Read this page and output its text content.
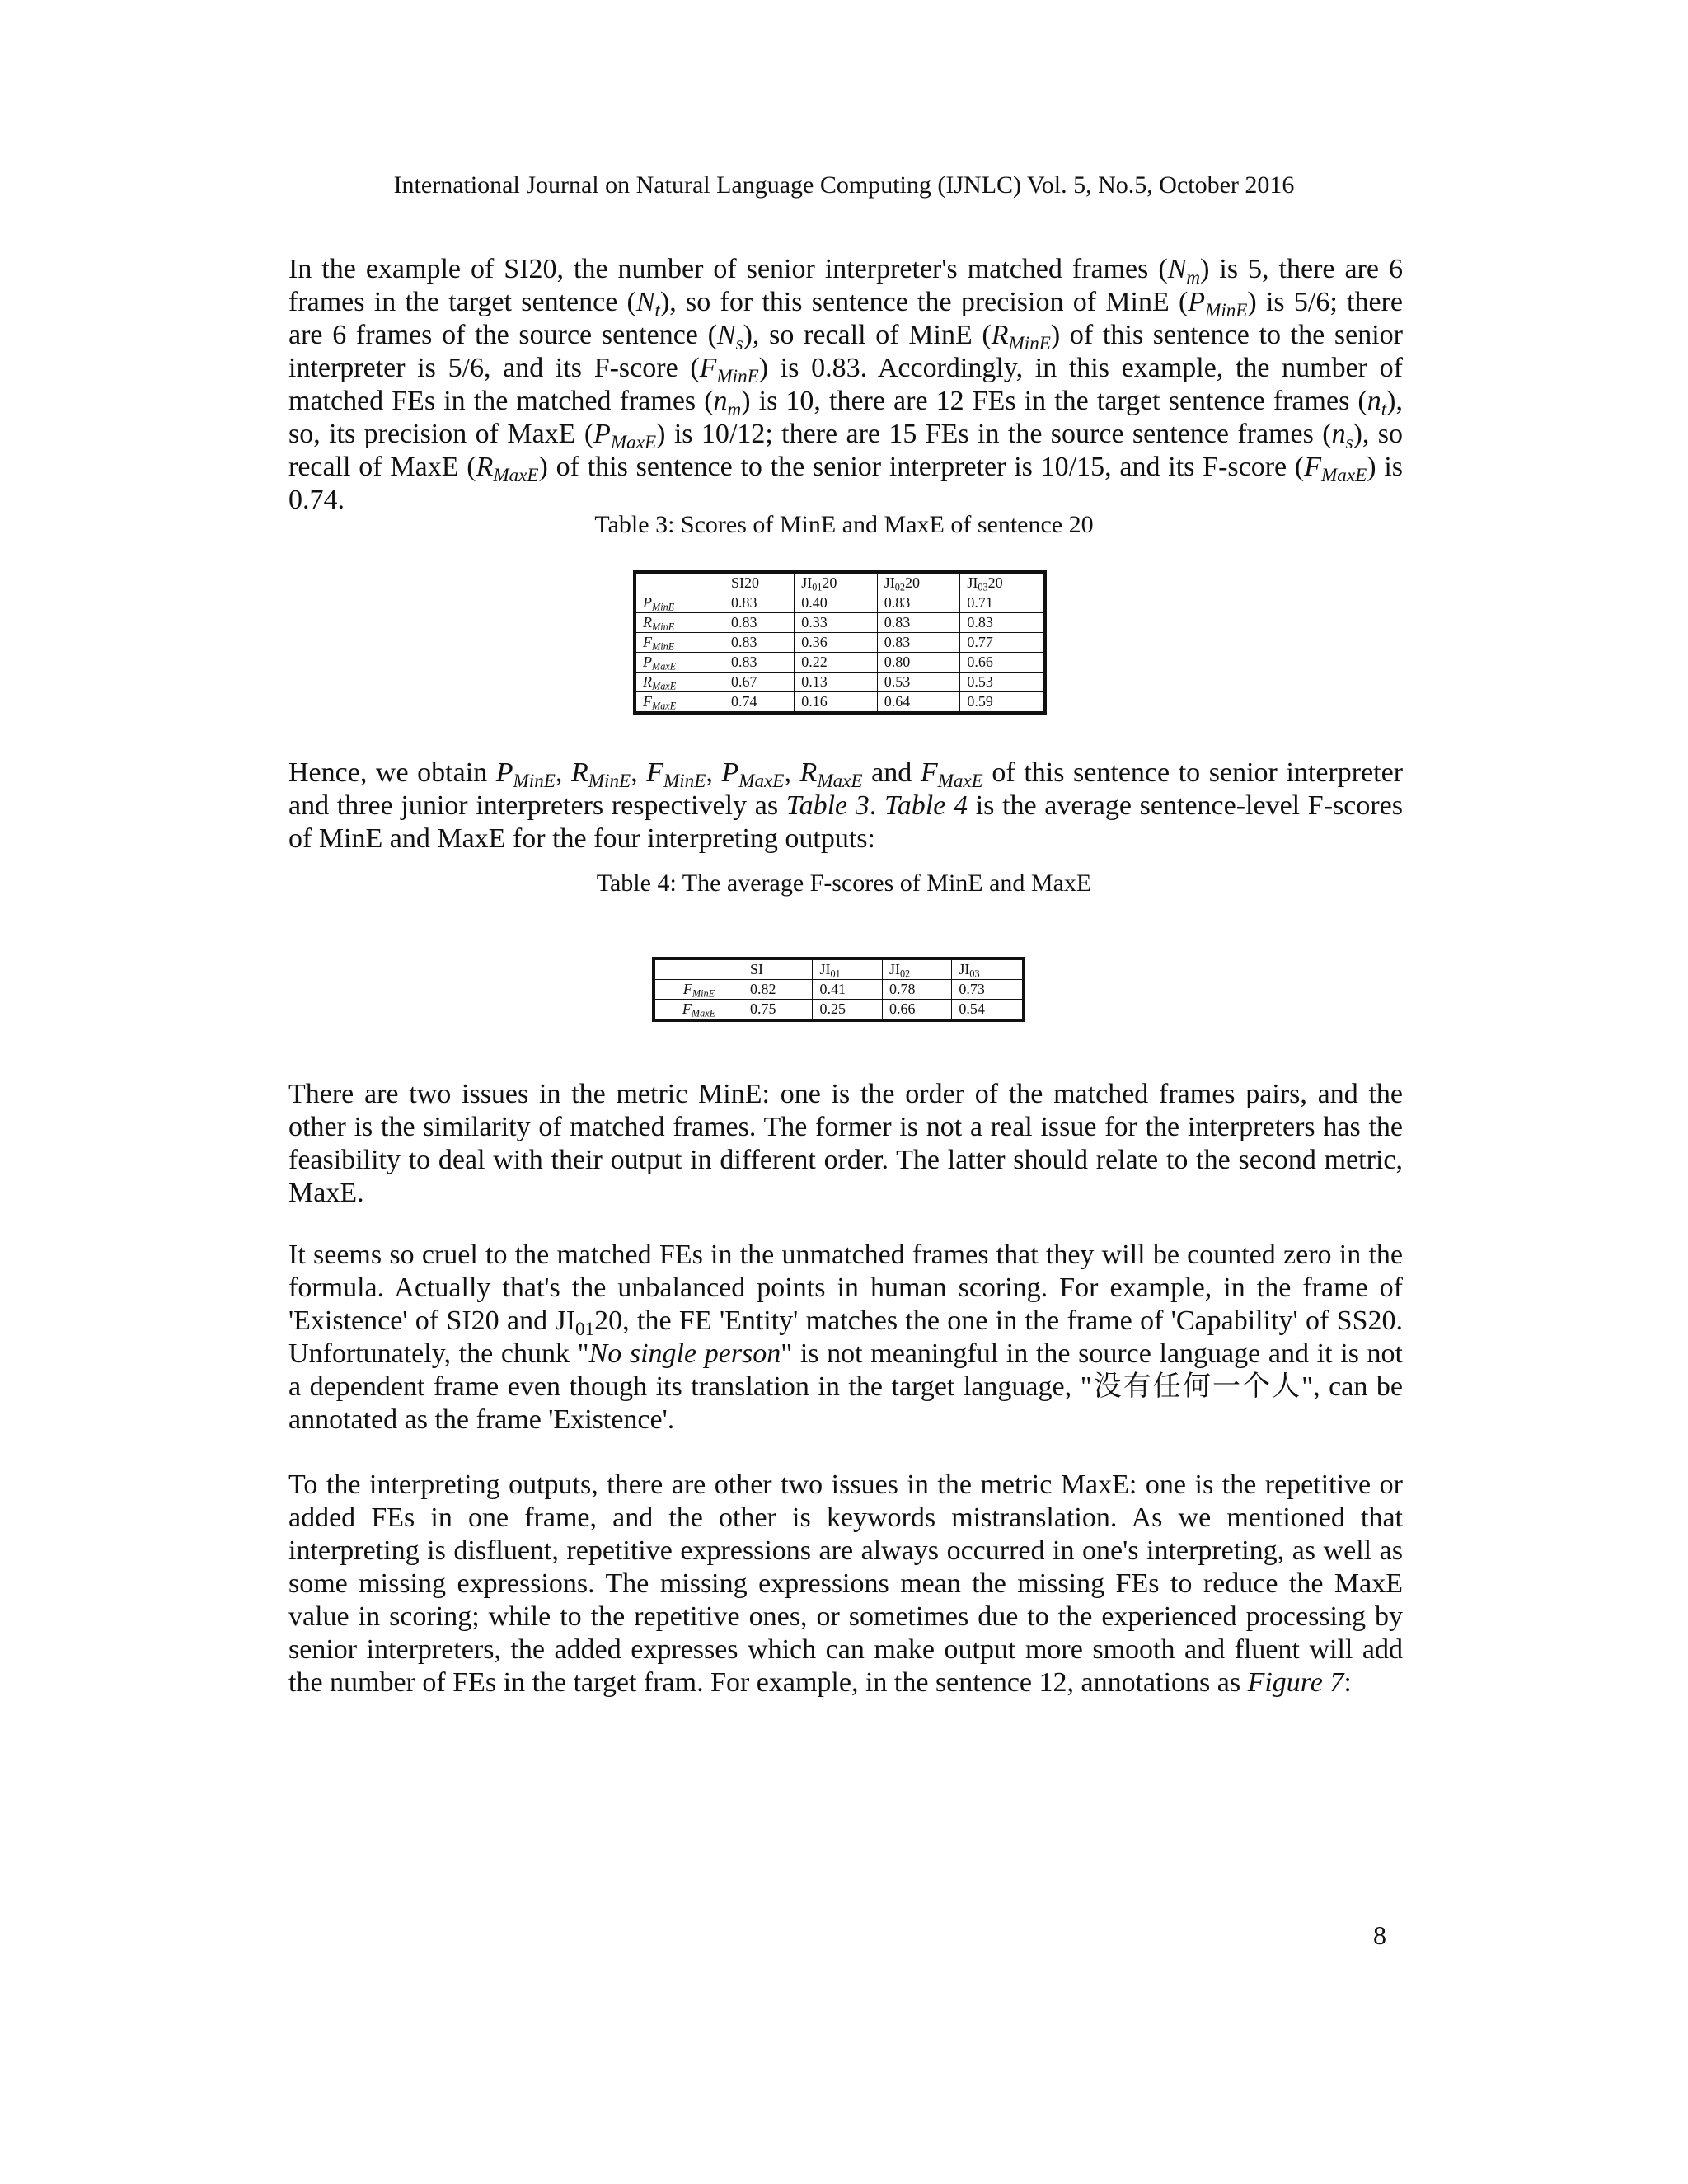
International Journal on Natural Language Computing (IJNLC) Vol. 5, No.5, October 2016

In the example of SI20, the number of senior interpreter's matched frames $(N_m)$ is 5, there are 6 frames in the target sentence $(N_t)$, so for this sentence the precision of MinE $(P_{MinE})$ is 5/6; there are 6 frames of the source sentence $(N_s)$, so recall of MinE $(R_{MinE})$ of this sentence to the senior interpreter is 5/6, and its F-score $(F_{MinE})$ is 0.83. Accordingly, in this example, the number of matched FEs in the matched frames $(n_m)$ is 10, there are 12 FEs in the target sentence frames $(n_t)$, so, its precision of MaxE $(P_{MaxE})$ is 10/12; there are 15 FEs in the source sentence frames $(n_s)$, so recall of MaxE $(R_{MaxE})$ of this sentence to the senior interpreter is 10/15, and its F-score $(F_{MaxE})$ is 0.74.

Table 3: Scores of MinE and MaxE of sentence 20
	SI20	$JI_{01}20$	$JI_{02}20$	$JI_{03}20$
$P_{MinE}$	0.83	0.40	0.83	0.71
$R_{MinE}$	0.83	0.33	0.83	0.83
$F_{MinE}$	0.83	0.36	0.83	0.77
$P_{MaxE}$	0.83	0.22	0.80	0.66
$R_{MaxE}$	0.67	0.13	0.53	0.53
$F_{MaxE}$	0.74	0.16	0.64	0.59

Hence, we obtain $P_{MinE}$, $R_{MinE}$, $F_{MinE}$, $P_{MaxE}$, $R_{MaxE}$ and $F_{MaxE}$ of this sentence to senior interpreter and three junior interpreters respectively as Table 3. Table 4 is the average sentence-level F-scores of MinE and MaxE for the four interpreting outputs:

Table 4: The average F-scores of MinE and MaxE
	SI	$JI_{01}$	$JI_{02}$	$JI_{03}$
$F_{MinE}$	0.82	0.41	0.78	0.73
$F_{MaxE}$	0.75	0.25	0.66	0.54

There are two issues in the metric MinE: one is the order of the matched frames pairs, and the other is the similarity of matched frames. The former is not a real issue for the interpreters has the feasibility to deal with their output in different order. The latter should relate to the second metric, MaxE.

It seems so cruel to the matched FEs in the unmatched frames that they will be counted zero in the formula. Actually that's the unbalanced points in human scoring. For example, in the frame of 'Existence' of SI20 and $JI_{01}20$, the FE 'Entity' matches the one in the frame of 'Capability' of SS20. Unfortunately, the chunk "No single person" is not meaningful in the source language and it is not a dependent frame even though its translation in the target language, "没有任何一个人", can be annotated as the frame 'Existence'.

To the interpreting outputs, there are other two issues in the metric MaxE: one is the repetitive or added FEs in one frame, and the other is keywords mistranslation. As we mentioned that interpreting is disfluent, repetitive expressions are always occurred in one's interpreting, as well as some missing expressions. The missing expressions mean the missing FEs to reduce the MaxE value in scoring; while to the repetitive ones, or sometimes due to the experienced processing by senior interpreters, the added expresses which can make output more smooth and fluent will add the number of FEs in the target fram. For example, in the sentence 12, annotations as Figure 7:

8
